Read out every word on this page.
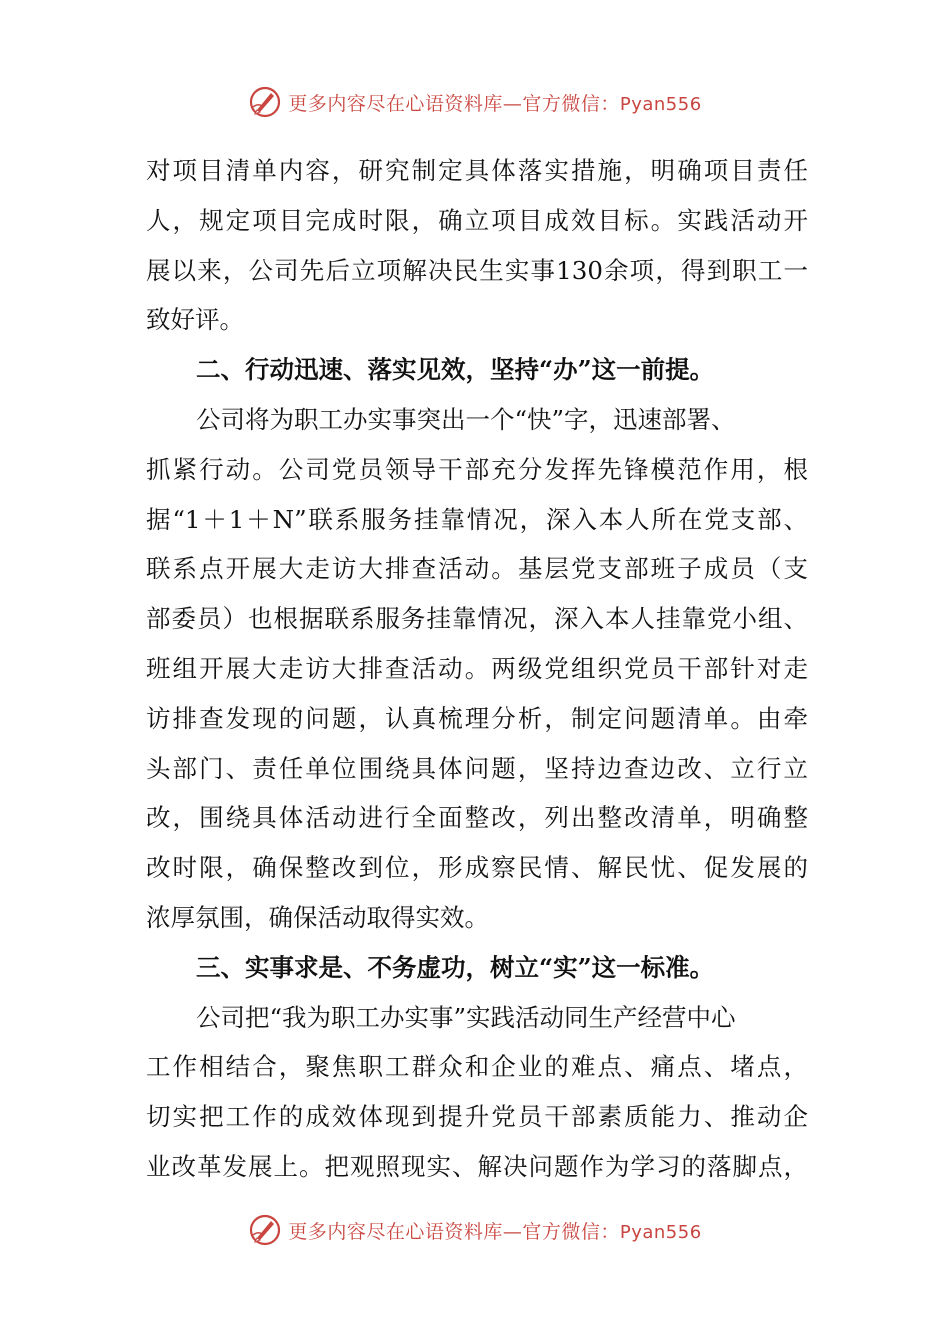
更多内容尽在心语资料库—官方微信：Pyan556
对项目清单内容，研究制定具体落实措施，明确项目责任
人，规定项目完成时限，确立项目成效目标。实践活动开
展以来，公司先后立项解决民生实事130余项，得到职工一
致好评。
二、行动迅速、落实见效，坚持“办”这一前提。
公司将为职工办实事突出一个“快”字，迅速部署、
抓紧行动。公司党员领导干部充分发挥先锋模范作用，根
据“1＋1＋N”联系服务挂靠情况，深入本人所在党支部、
联系点开展大走访大排查活动。基层党支部班子成员（支
部委员）也根据联系服务挂靠情况，深入本人挂靠党小组、
班组开展大走访大排查活动。两级党组织党员干部针对走
访排查发现的问题，认真梳理分析，制定问题清单。由牵
头部门、责任单位围绕具体问题，坚持边查边改、立行立
改，围绕具体活动进行全面整改，列出整改清单，明确整
改时限，确保整改到位，形成察民情、解民忧、促发展的
浓厚氛围，确保活动取得实效。
三、实事求是、不务虚功，树立“实”这一标准。
公司把“我为职工办实事”实践活动同生产经营中心
工作相结合，聚焦职工群众和企业的难点、痛点、堵点，
切实把工作的成效体现到提升党员干部素质能力、推动企
业改革发展上。把观照现实、解决问题作为学习的落脚点，
更多内容尽在心语资料库—官方微信：Pyan556
